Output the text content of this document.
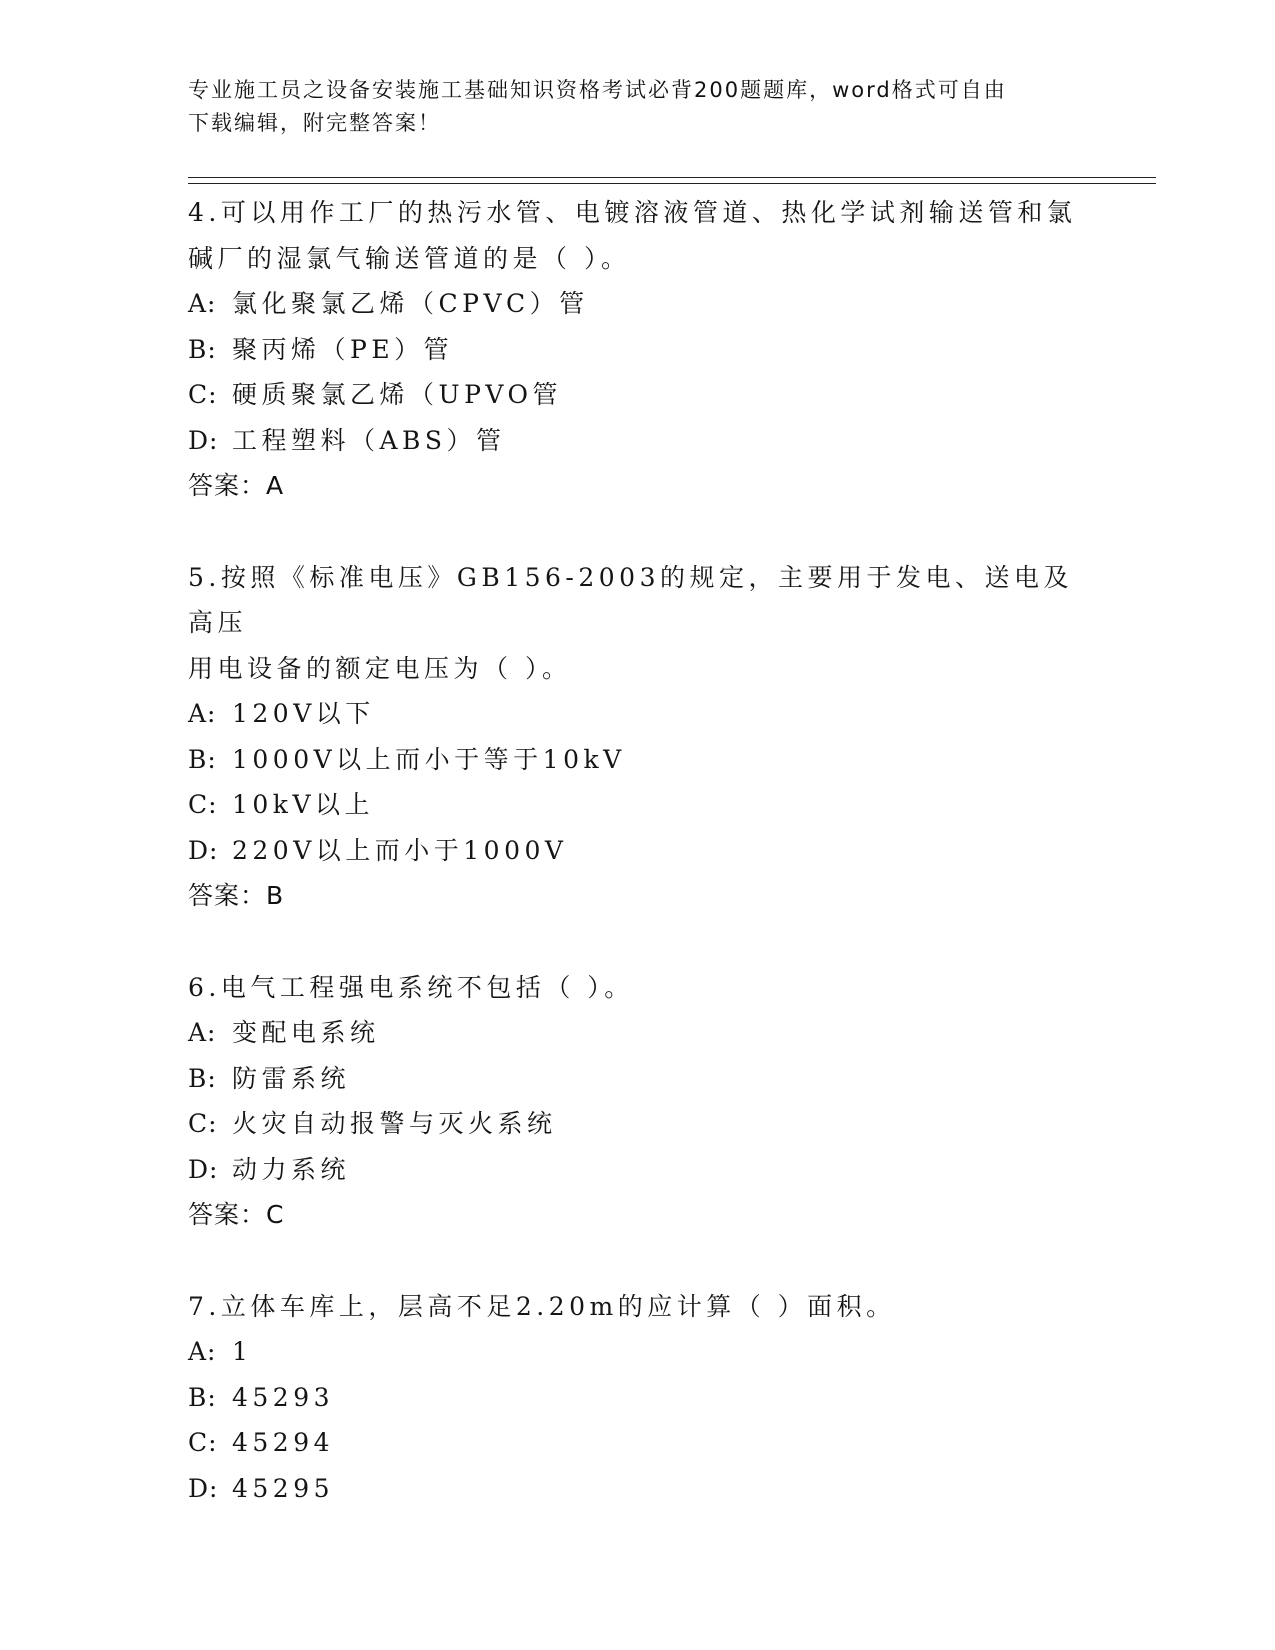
专业施工员之设备安装施工基础知识资格考试必背200题题库，word格式可自由
下载编辑，附完整答案！
4.可以用作工厂的热污水管、电镀溶液管道、热化学试剂输送管和氯
碱厂的湿氯气输送管道的是（ ）。
A: 氯化聚氯乙烯（CPVC）管
B: 聚丙烯（PE）管
C: 硬质聚氯乙烯（UPVO管
D: 工程塑料（ABS）管
答案：A
5.按照《标准电压》GB156-2003的规定，主要用于发电、送电及高压
用电设备的额定电压为（ ）。
A: 120V以下
B: 1000V以上而小于等于10kV
C: 10kV以上
D: 220V以上而小于1000V
答案：B
6.电气工程强电系统不包括（ ）。
A: 变配电系统
B: 防雷系统
C: 火灾自动报警与灭火系统
D: 动力系统
答案：C
7.立体车库上，层高不足2.20m的应计算（ ）面积。
A: 1
B: 45293
C: 45294
D: 45295
